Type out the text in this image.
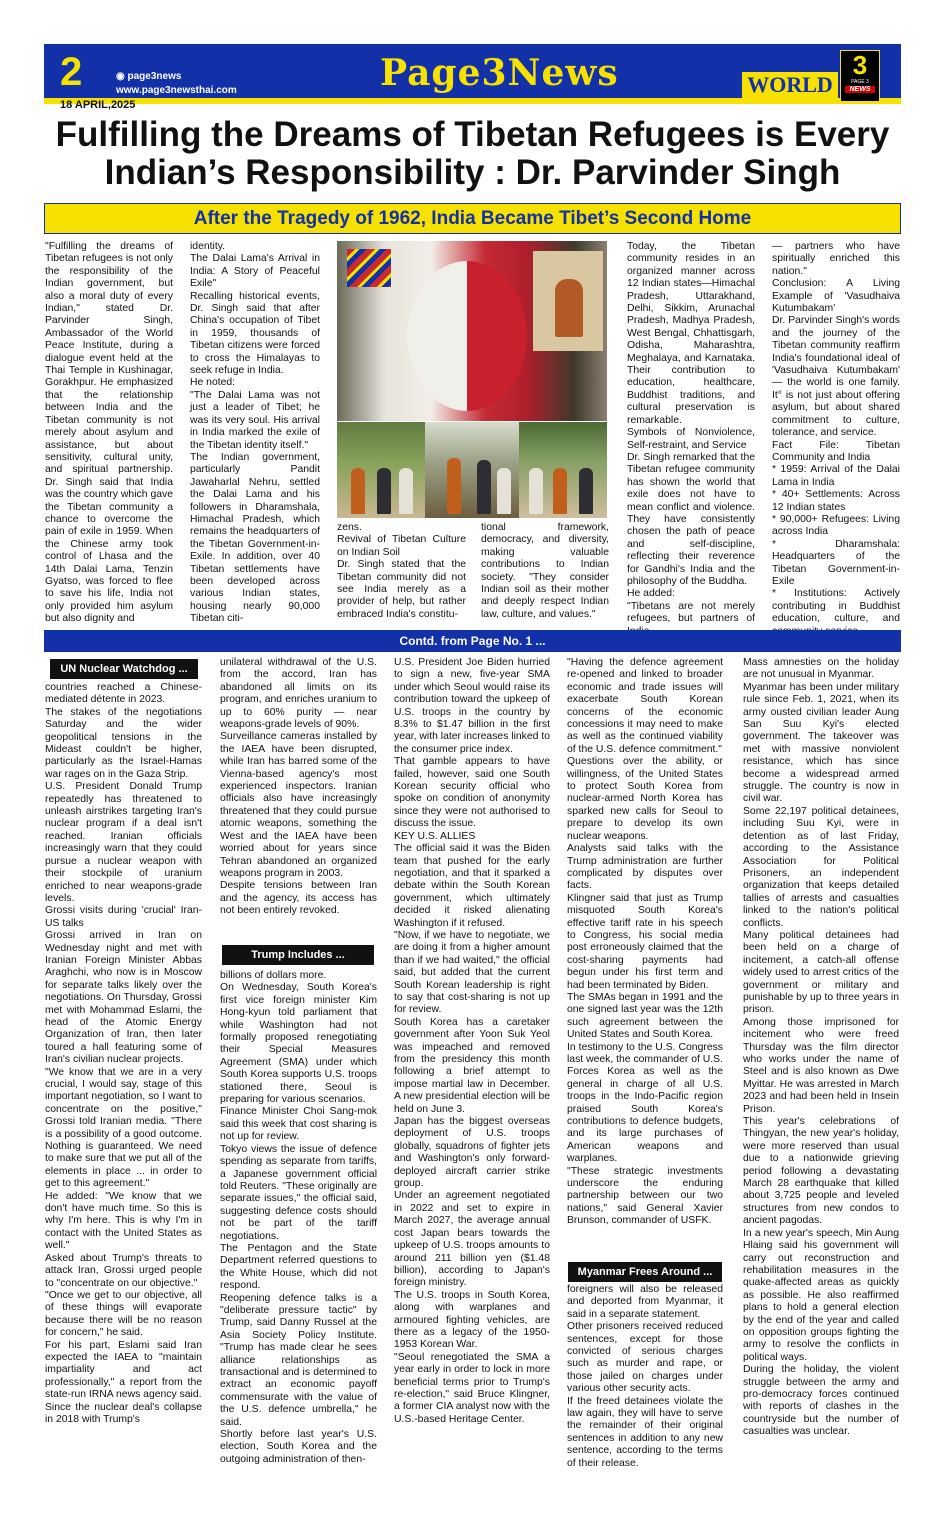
2	◉ page3news
www.page3newsthai.com	Page3News	WORLD
3
PAGE 3
NEWS
18 APRIL,2025
Fulfilling the Dreams of Tibetan Refugees is Every Indian’s Responsibility : Dr. Parvinder Singh
After the Tragedy of 1962, India Became Tibet’s Second Home

"Fulfilling the dreams of Tibetan refugees is not only the responsibility of the Indian government, but also a moral duty of every Indian," stated Dr. Parvinder Singh, Ambassador of the World Peace Institute, during a dialogue event held at the Thai Temple in Kushinagar, Gorakhpur. He emphasized that the relationship between India and the Tibetan community is not merely about asylum and assistance, but about sensitivity, cultural unity, and spiritual partnership. Dr. Singh said that India was the country which gave the Tibetan community a chance to overcome the pain of exile in 1959. When the Chinese army took control of Lhasa and the 14th Dalai Lama, Tenzin Gyatso, was forced to flee to save his life, India not only provided him asylum but also dignity and

identity.

The Dalai Lama's Arrival in India: A Story of Peaceful Exile"

Recalling historical events, Dr. Singh said that after China's occupation of Tibet in 1959, thousands of Tibetan citizens were forced to cross the Himalayas to seek refuge in India.

He noted:

"The Dalai Lama was not just a leader of Tibet; he was its very soul. His arrival in India marked the exile of the Tibetan identity itself."

The Indian government, particularly Pandit Jawaharlal Nehru, settled the Dalai Lama and his followers in Dharamshala, Himachal Pradesh, which remains the headquarters of the Tibetan Government-in-Exile. In addition, over 40 Tibetan settlements have been developed across various Indian states, housing nearly 90,000 Tibetan citi-

zens.

Revival of Tibetan Culture on Indian Soil

Dr. Singh stated that the Tibetan community did not see India merely as a provider of help, but rather embraced India's constitu-

tional framework, democracy, and diversity, making valuable contributions to Indian society. "They consider Indian soil as their mother and deeply respect Indian law, culture, and values."

Today, the Tibetan community resides in an organized manner across 12 Indian states—Himachal Pradesh, Uttarakhand, Delhi, Sikkim, Arunachal Pradesh, Madhya Pradesh, West Bengal, Chhattisgarh, Odisha, Maharashtra, Meghalaya, and Karnataka. Their contribution to education, healthcare, Buddhist traditions, and cultural preservation is remarkable.

Symbols of Nonviolence, Self-restraint, and Service

Dr. Singh remarked that the Tibetan refugee community has shown the world that exile does not have to mean conflict and violence. They have consistently chosen the path of peace and self-discipline, reflecting their reverence for Gandhi's India and the philosophy of the Buddha.

He added:

"Tibetans are not merely refugees, but partners of

— partners who have spiritually enriched this nation."

Conclusion: A Living Example of 'Vasudhaiva Kutumbakam'

Dr. Parvinder Singh's words and the journey of the Tibetan community reaffirm India's foundational ideal of 'Vasudhaiva Kutumbakam' — the world is one family. It° is not just about offering asylum, but about shared commitment to culture, tolerance, and service.

Fact File: Tibetan Community and India

* 1959: Arrival of the Dalai Lama in India

* 40+ Settlements: Across 12 Indian states

* 90,000+ Refugees: Living across India

* Dharamshala: Headquarters of the Tibetan Government-in-Exile

* Institutions: Actively contributing in Buddhist education, culture, and

Contd. from Page No. 1 ...
UN Nuclear Watchdog ...

countries reached a Chinese-mediated détente in 2023.

The stakes of the negotiations Saturday and the wider geopolitical tensions in the Mideast couldn't be higher, particularly as the Israel-Hamas war rages on in the Gaza Strip.

U.S. President Donald Trump repeatedly has threatened to unleash airstrikes targeting Iran's nuclear program if a deal isn't reached. Iranian officials increasingly warn that they could pursue a nuclear weapon with their stockpile of uranium enriched to near weapons-grade levels.

Grossi visits during 'crucial' Iran-US talks

Grossi arrived in Iran on Wednesday night and met with Iranian Foreign Minister Abbas Araghchi, who now is in Moscow for separate talks likely over the negotiations. On Thursday, Grossi met with Mohammad Eslami, the head of the Atomic Energy Organization of Iran, then later toured a hall featuring some of Iran's civilian nuclear projects.

"We know that we are in a very crucial, I would say, stage of this important negotiation, so I want to concentrate on the positive," Grossi told Iranian media. "There is a possibility of a good outcome. Nothing is guaranteed. We need to make sure that we put all of the elements in place ... in order to get to this agreement."

He added: "We know that we don't have much time. So this is why I'm here. This is why I'm in contact with the United States as well."

Asked about Trump's threats to attack Iran, Grossi urged people to "concentrate on our objective."

"Once we get to our objective, all of these things will evaporate because there will be no reason for concern," he said.

For his part, Eslami said Iran expected the IAEA to "maintain impartiality and act professionally," a report from the state-run IRNA news agency said.

Since the nuclear deal's collapse in 2018 with Trump's

unilateral withdrawal of the U.S. from the accord, Iran has abandoned all limits on its program, and enriches uranium to up to 60% purity — near weapons-grade levels of 90%.

Surveillance cameras installed by the IAEA have been disrupted, while Iran has barred some of the Vienna-based agency's most experienced inspectors. Iranian officials also have increasingly threatened that they could pursue atomic weapons, something the West and the IAEA have been worried about for years since Tehran abandoned an organized weapons program in 2003.

Despite tensions between Iran and the agency, its access has not been entirely revoked.

Trump Includes ...

billions of dollars more.

On Wednesday, South Korea's first vice foreign minister Kim Hong-kyun told parliament that while Washington had not formally proposed renegotiating their Special Measures Agreement (SMA) under which South Korea supports U.S. troops stationed there, Seoul is preparing for various scenarios.

Finance Minister Choi Sang-mok said this week that cost sharing is not up for review.

Tokyo views the issue of defence spending as separate from tariffs, a Japanese government official told Reuters. "These originally are separate issues," the official said, suggesting defence costs should not be part of the tariff negotiations.

The Pentagon and the State Department referred questions to the White House, which did not respond.

Reopening defence talks is a "deliberate pressure tactic" by Trump, said Danny Russel at the Asia Society Policy Institute. "Trump has made clear he sees alliance relationships as transactional and is determined to extract an economic payoff commensurate with the value of the U.S. defence umbrella," he said.

Shortly before last year's U.S. election, South Korea and the outgoing administration of then-

U.S. President Joe Biden hurried to sign a new, five-year SMA under which Seoul would raise its contribution toward the upkeep of U.S. troops in the country by 8.3% to $1.47 billion in the first year, with later increases linked to the consumer price index.

That gamble appears to have failed, however, said one South Korean security official who spoke on condition of anonymity since they were not authorised to discuss the issue.

KEY U.S. ALLIES

The official said it was the Biden team that pushed for the early negotiation, and that it sparked a debate within the South Korean government, which ultimately decided it risked alienating Washington if it refused.

"Now, if we have to negotiate, we are doing it from a higher amount than if we had waited," the official said, but added that the current South Korean leadership is right to say that cost-sharing is not up for review.

South Korea has a caretaker government after Yoon Suk Yeol was impeached and removed from the presidency this month following a brief attempt to impose martial law in December. A new presidential election will be held on June 3.

Japan has the biggest overseas deployment of U.S. troops globally, squadrons of fighter jets and Washington's only forward-deployed aircraft carrier strike group.

Under an agreement negotiated in 2022 and set to expire in March 2027, the average annual cost Japan bears towards the upkeep of U.S. troops amounts to around 211 billion yen ($1.48 billion), according to Japan's foreign ministry.

The U.S. troops in South Korea, along with warplanes and armoured fighting vehicles, are there as a legacy of the 1950-1953 Korean War.

"Seoul renegotiated the SMA a year early in order to lock in more beneficial terms prior to Trump's re-election," said Bruce Klingner, a former CIA analyst now with the U.S.-based Heritage Center.

"Having the defence agreement re-opened and linked to broader economic and trade issues will exacerbate South Korean concerns of the economic concessions it may need to make as well as the continued viability of the U.S. defence commitment."

Questions over the ability, or willingness, of the United States to protect South Korea from nuclear-armed North Korea has sparked new calls for Seoul to prepare to develop its own nuclear weapons.

Analysts said talks with the Trump administration are further complicated by disputes over facts.

Klingner said that just as Trump misquoted South Korea's effective tariff rate in his speech to Congress, his social media post erroneously claimed that the cost-sharing payments had begun under his first term and had been terminated by Biden.

The SMAs began in 1991 and the one signed last year was the 12th such agreement between the United States and South Korea.

In testimony to the U.S. Congress last week, the commander of U.S. Forces Korea as well as the general in charge of all U.S. troops in the Indo-Pacific region praised South Korea's contributions to defence budgets, and its large purchases of American weapons and warplanes.

"These strategic investments underscore the enduring partnership between our two nations," said General Xavier Brunson, commander of USFK.

Myanmar Frees Around ...

foreigners will also be released and deported from Myanmar, it said in a separate statement.

Other prisoners received reduced sentences, except for those convicted of serious charges such as murder and rape, or those jailed on charges under various other security acts.

If the freed detainees violate the law again, they will have to serve the remainder of their original sentences in addition to any new sentence, according to the terms of their release.

Mass amnesties on the holiday are not unusual in Myanmar.

Myanmar has been under military rule since Feb. 1, 2021, when its army ousted civilian leader Aung San Suu Kyi's elected government. The takeover was met with massive nonviolent resistance, which has since become a widespread armed struggle. The country is now in civil war.

Some 22,197 political detainees, including Suu Kyi, were in detention as of last Friday, according to the Assistance Association for Political Prisoners, an independent organization that keeps detailed tallies of arrests and casualties linked to the nation's political conflicts.

Many political detainees had been held on a charge of incitement, a catch-all offense widely used to arrest critics of the government or military and punishable by up to three years in prison.

Among those imprisoned for incitement who were freed Thursday was the film director who works under the name of Steel and is also known as Dwe Myittar. He was arrested in March 2023 and had been held in Insein Prison.

This year's celebrations of Thingyan, the new year's holiday, were more reserved than usual due to a nationwide grieving period following a devastating March 28 earthquake that killed about 3,725 people and leveled structures from new condos to ancient pagodas.

In a new year's speech, Min Aung Hlaing said his government will carry out reconstruction and rehabilitation measures in the quake-affected areas as quickly as possible. He also reaffirmed plans to hold a general election by the end of the year and called on opposition groups fighting the army to resolve the conflicts in political ways.

During the holiday, the violent struggle between the army and pro-democracy forces continued with reports of clashes in the countryside but the number of casualties was unclear.
